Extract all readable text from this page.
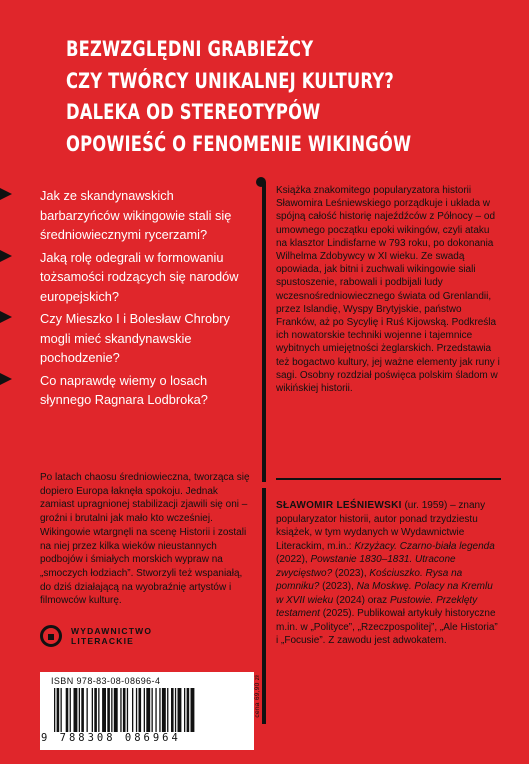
BEZWZGLĘDNI GRABIEŻCY
CZY TWÓRCY UNIKALNEJ KULTURY?
DALEKA OD STEREOTYPÓW
OPOWIEŚĆ O FENOMENIE WIKINGÓW
Jak ze skandynawskich barbarzyńców wikingowie stali się średniowiecznymi rycerzami?
Jaką rolę odegrali w formowaniu tożsamości rodzących się narodów europejskich?
Czy Mieszko I i Bolesław Chrobry mogli mieć skandynawskie pochodzenie?
Co naprawdę wiemy o losach słynnego Ragnara Lodbroka?
Po latach chaosu średniowieczna, tworząca się dopiero Europa łaknęła spokoju. Jednak zamiast upragnionej stabilizacji zjawili się oni – groźni i brutalni jak mało kto wcześniej. Wikingowie wtargnęli na scenę Historii i zostali na niej przez kilka wieków nieustannych podbojów i śmiałych morskich wypraw na „smoczych łodziach”. Stworzyli też wspaniałą, do dziś działającą na wyobraźnię artystów i filmowców kulturę.
Książka znakomitego popularyzatora historii Sławomira Leśniewskiego porządkuje i układa w spójną całość historię najeźdźców z Północy – od umownego początku epoki wikingów, czyli ataku na klasztor Lindisfarne w 793 roku, po dokonania Wilhelma Zdobywcy w XI wieku. Ze swadą opowiada, jak bitni i zuchwali wikingowie siali spustoszenie, rabowali i podbijali ludy wczesnośredniowiecznego świata od Grenlandii, przez Islandię, Wyspy Brytyjskie, państwo Franków, aż po Sycylię i Ruś Kijowską. Podkreśla ich nowatorskie techniki wojenne i tajemnice wybitnych umiejętności żeglarskich. Przedstawia też bogactwo kultury, jej ważne elementy jak runy i sagi. Osobny rozdział poświęca polskim śladom w wikińskiej historii.
SŁAWOMIR LEŚNIEWSKI (ur. 1959) – znany popularyzator historii, autor ponad trzydziestu książek, w tym wydanych w Wydawnictwie Literackim, m.in.: Krzyżacy. Czarno-biała legenda (2022), Powstanie 1830–1831. Utracone zwycięstwo? (2023), Kościuszko. Rysa na pomniku? (2023), Na Moskwę. Polacy na Kremlu w XVII wieku (2024) oraz Pustowie. Przeklęty testament (2025). Publikował artykuły historyczne m.in. w „Polityce”, „Rzeczpospolitej”, „Ale Historia” i „Focusie”. Z zawodu jest adwokatem.
WYDAWNICTWO
LITERACKIE
ISBN 978-83-08-08696-4
9 788308 086964
cena 69,90 zł
